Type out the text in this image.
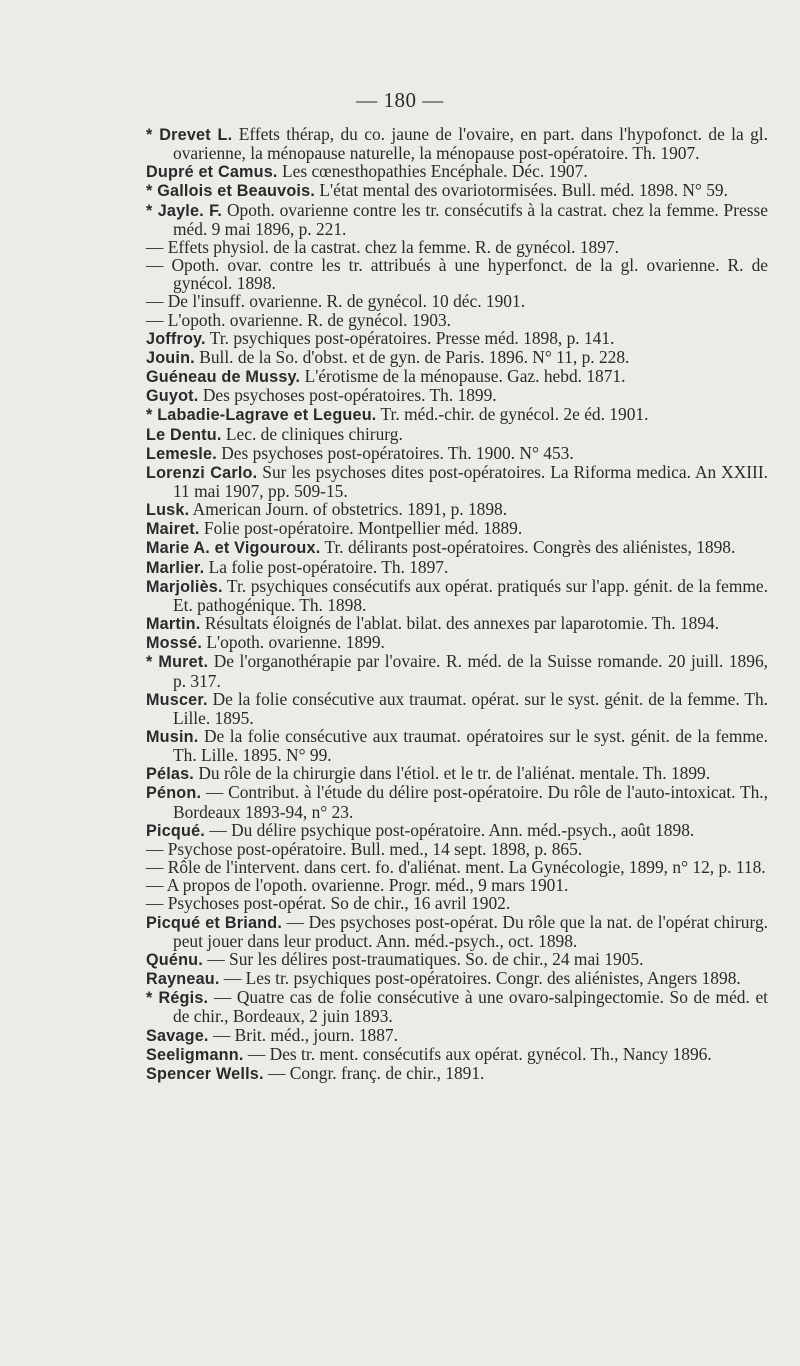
— 180 —

* Drevet L. Effets thérap, du co. jaune de l'ovaire, en part. dans l'hypofonct. de la gl. ovarienne, la ménopause naturelle, la ménopause post-opératoire. Th. 1907.

Dupré et Camus. Les cœnesthopathies Encéphale. Déc. 1907.

* Gallois et Beauvois. L'état mental des ovariotormisées. Bull. méd. 1898. N° 59.

* Jayle. F. Opoth. ovarienne contre les tr. consécutifs à la castrat. chez la femme. Presse méd. 9 mai 1896, p. 221.

— Effets physiol. de la castrat. chez la femme. R. de gynécol. 1897.

— Opoth. ovar. contre les tr. attribués à une hyperfonct. de la gl. ovarienne. R. de gynécol. 1898.

— De l'insuff. ovarienne. R. de gynécol. 10 déc. 1901.

— L'opoth. ovarienne. R. de gynécol. 1903.

Joffroy. Tr. psychiques post-opératoires. Presse méd. 1898, p. 141.

Jouin. Bull. de la So. d'obst. et de gyn. de Paris. 1896. N° 11, p. 228.

Guéneau de Mussy. L'érotisme de la ménopause. Gaz. hebd. 1871.

Guyot. Des psychoses post-opératoires. Th. 1899.

* Labadie-Lagrave et Legueu. Tr. méd.-chir. de gynécol. 2e éd. 1901.

Le Dentu. Lec. de cliniques chirurg.

Lemesle. Des psychoses post-opératoires. Th. 1900. N° 453.

Lorenzi Carlo. Sur les psychoses dites post-opératoires. La Riforma medica. An XXIII. 11 mai 1907, pp. 509-15.

Lusk. American Journ. of obstetrics. 1891, p. 1898.

Mairet. Folie post-opératoire. Montpellier méd. 1889.

Marie A. et Vigouroux. Tr. délirants post-opératoires. Congrès des aliénistes, 1898.

Marlier. La folie post-opératoire. Th. 1897.

Marjoliès. Tr. psychiques consécutifs aux opérat. pratiqués sur l'app. génit. de la femme. Et. pathogénique. Th. 1898.

Martin. Résultats éloignés de l'ablat. bilat. des annexes par laparotomie. Th. 1894.

Mossé. L'opoth. ovarienne. 1899.

* Muret. De l'organothérapie par l'ovaire. R. méd. de la Suisse romande. 20 juill. 1896, p. 317.

Muscer. De la folie consécutive aux traumat. opérat. sur le syst. génit. de la femme. Th. Lille. 1895.

Musin. De la folie consécutive aux traumat. opératoires sur le syst. génit. de la femme. Th. Lille. 1895. N° 99.

Pélas. Du rôle de la chirurgie dans l'étiol. et le tr. de l'aliénat. mentale. Th. 1899.

Pénon. — Contribut. à l'étude du délire post-opératoire. Du rôle de l'auto-intoxicat. Th., Bordeaux 1893-94, n° 23.

Picqué. — Du délire psychique post-opératoire. Ann. méd.-psych., août 1898.

— Psychose post-opératoire. Bull. med., 14 sept. 1898, p. 865.

— Rôle de l'intervent. dans cert. fo. d'aliénat. ment. La Gynécologie, 1899, n° 12, p. 118.

— A propos de l'opoth. ovarienne. Progr. méd., 9 mars 1901.

— Psychoses post-opérat. So de chir., 16 avril 1902.

Picqué et Briand. — Des psychoses post-opérat. Du rôle que la nat. de l'opérat chirurg. peut jouer dans leur product. Ann. méd.-psych., oct. 1898.

Quénu. — Sur les délires post-traumatiques. So. de chir., 24 mai 1905.

Rayneau. — Les tr. psychiques post-opératoires. Congr. des aliénistes, Angers 1898.

* Régis. — Quatre cas de folie consécutive à une ovaro-salpingectomie. So de méd. et de chir., Bordeaux, 2 juin 1893.

Savage. — Brit. méd., journ. 1887.

Seeligmann. — Des tr. ment. consécutifs aux opérat. gynécol. Th., Nancy 1896.

Spencer Wells. — Congr. franç. de chir., 1891.
